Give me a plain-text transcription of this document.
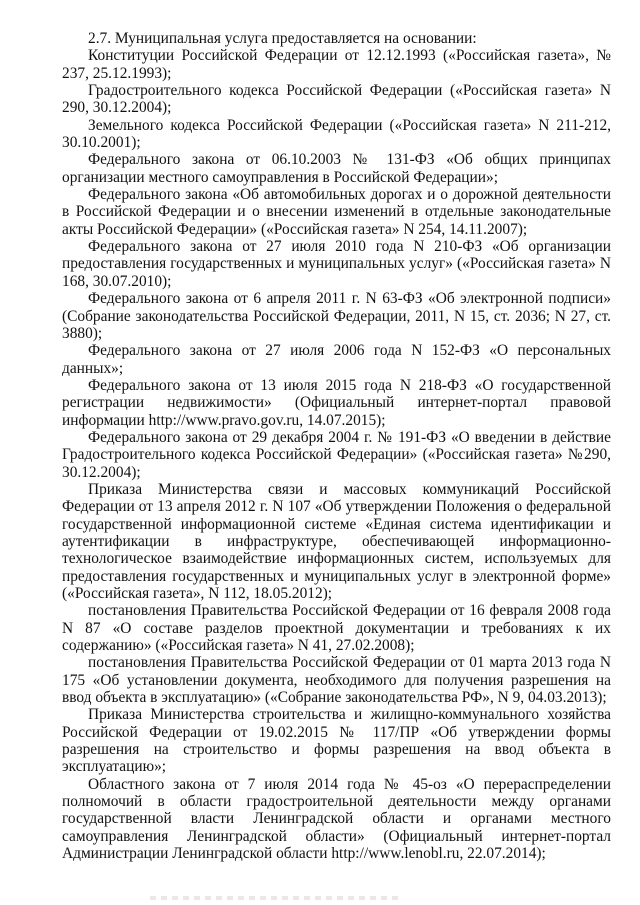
2.7. Муниципальная услуга предоставляется на основании:

Конституции Российской Федерации от 12.12.1993 («Российская газета», № 237, 25.12.1993);

Градостроительного кодекса Российской Федерации («Российская газета» N 290, 30.12.2004);

Земельного кодекса Российской Федерации («Российская газета» N 211-212, 30.10.2001);

Федерального закона от 06.10.2003 № 131-ФЗ «Об общих принципах организации местного самоуправления в Российской Федерации»;

Федерального закона «Об автомобильных дорогах и о дорожной деятельности в Российской Федерации и о внесении изменений в отдельные законодательные акты Российской Федерации» («Российская газета» N 254, 14.11.2007);

Федерального закона от 27 июля 2010 года N 210-ФЗ «Об организации предоставления государственных и муниципальных услуг» («Российская газета» N 168, 30.07.2010);

Федерального закона от 6 апреля 2011 г. N 63-ФЗ «Об электронной подписи» (Собрание законодательства Российской Федерации, 2011, N 15, ст. 2036; N 27, ст. 3880);

Федерального закона от 27 июля 2006 года N 152-ФЗ «О персональных данных»;

Федерального закона от 13 июля 2015 года N 218-ФЗ «О государственной регистрации недвижимости» (Официальный интернет-портал правовой информации http://www.pravo.gov.ru, 14.07.2015);

Федерального закона от 29 декабря 2004 г. № 191-ФЗ «О введении в действие Градостроительного кодекса Российской Федерации» («Российская газета» №290, 30.12.2004);

Приказа Министерства связи и массовых коммуникаций Российской Федерации от 13 апреля 2012 г. N 107 «Об утверждении Положения о федеральной государственной информационной системе «Единая система идентификации и аутентификации в инфраструктуре, обеспечивающей информационно-технологическое взаимодействие информационных систем, используемых для предоставления государственных и муниципальных услуг в электронной форме» («Российская газета», N 112, 18.05.2012);

постановления Правительства Российской Федерации от 16 февраля 2008 года N 87 «О составе разделов проектной документации и требованиях к их содержанию» («Российская газета» N 41, 27.02.2008);

постановления Правительства Российской Федерации от 01 марта 2013 года N 175 «Об установлении документа, необходимого для получения разрешения на ввод объекта в эксплуатацию» («Собрание законодательства РФ», N 9, 04.03.2013);

Приказа Министерства строительства и жилищно-коммунального хозяйства Российской Федерации от 19.02.2015 № 117/ПР «Об утверждении формы разрешения на строительство и формы разрешения на ввод объекта в эксплуатацию»;

Областного закона от 7 июля 2014 года № 45-оз «О перераспределении полномочий в области градостроительной деятельности между органами государственной власти Ленинградской области и органами местного самоуправления Ленинградской области» (Официальный интернет-портал Администрации Ленинградской области http://www.lenobl.ru, 22.07.2014);
